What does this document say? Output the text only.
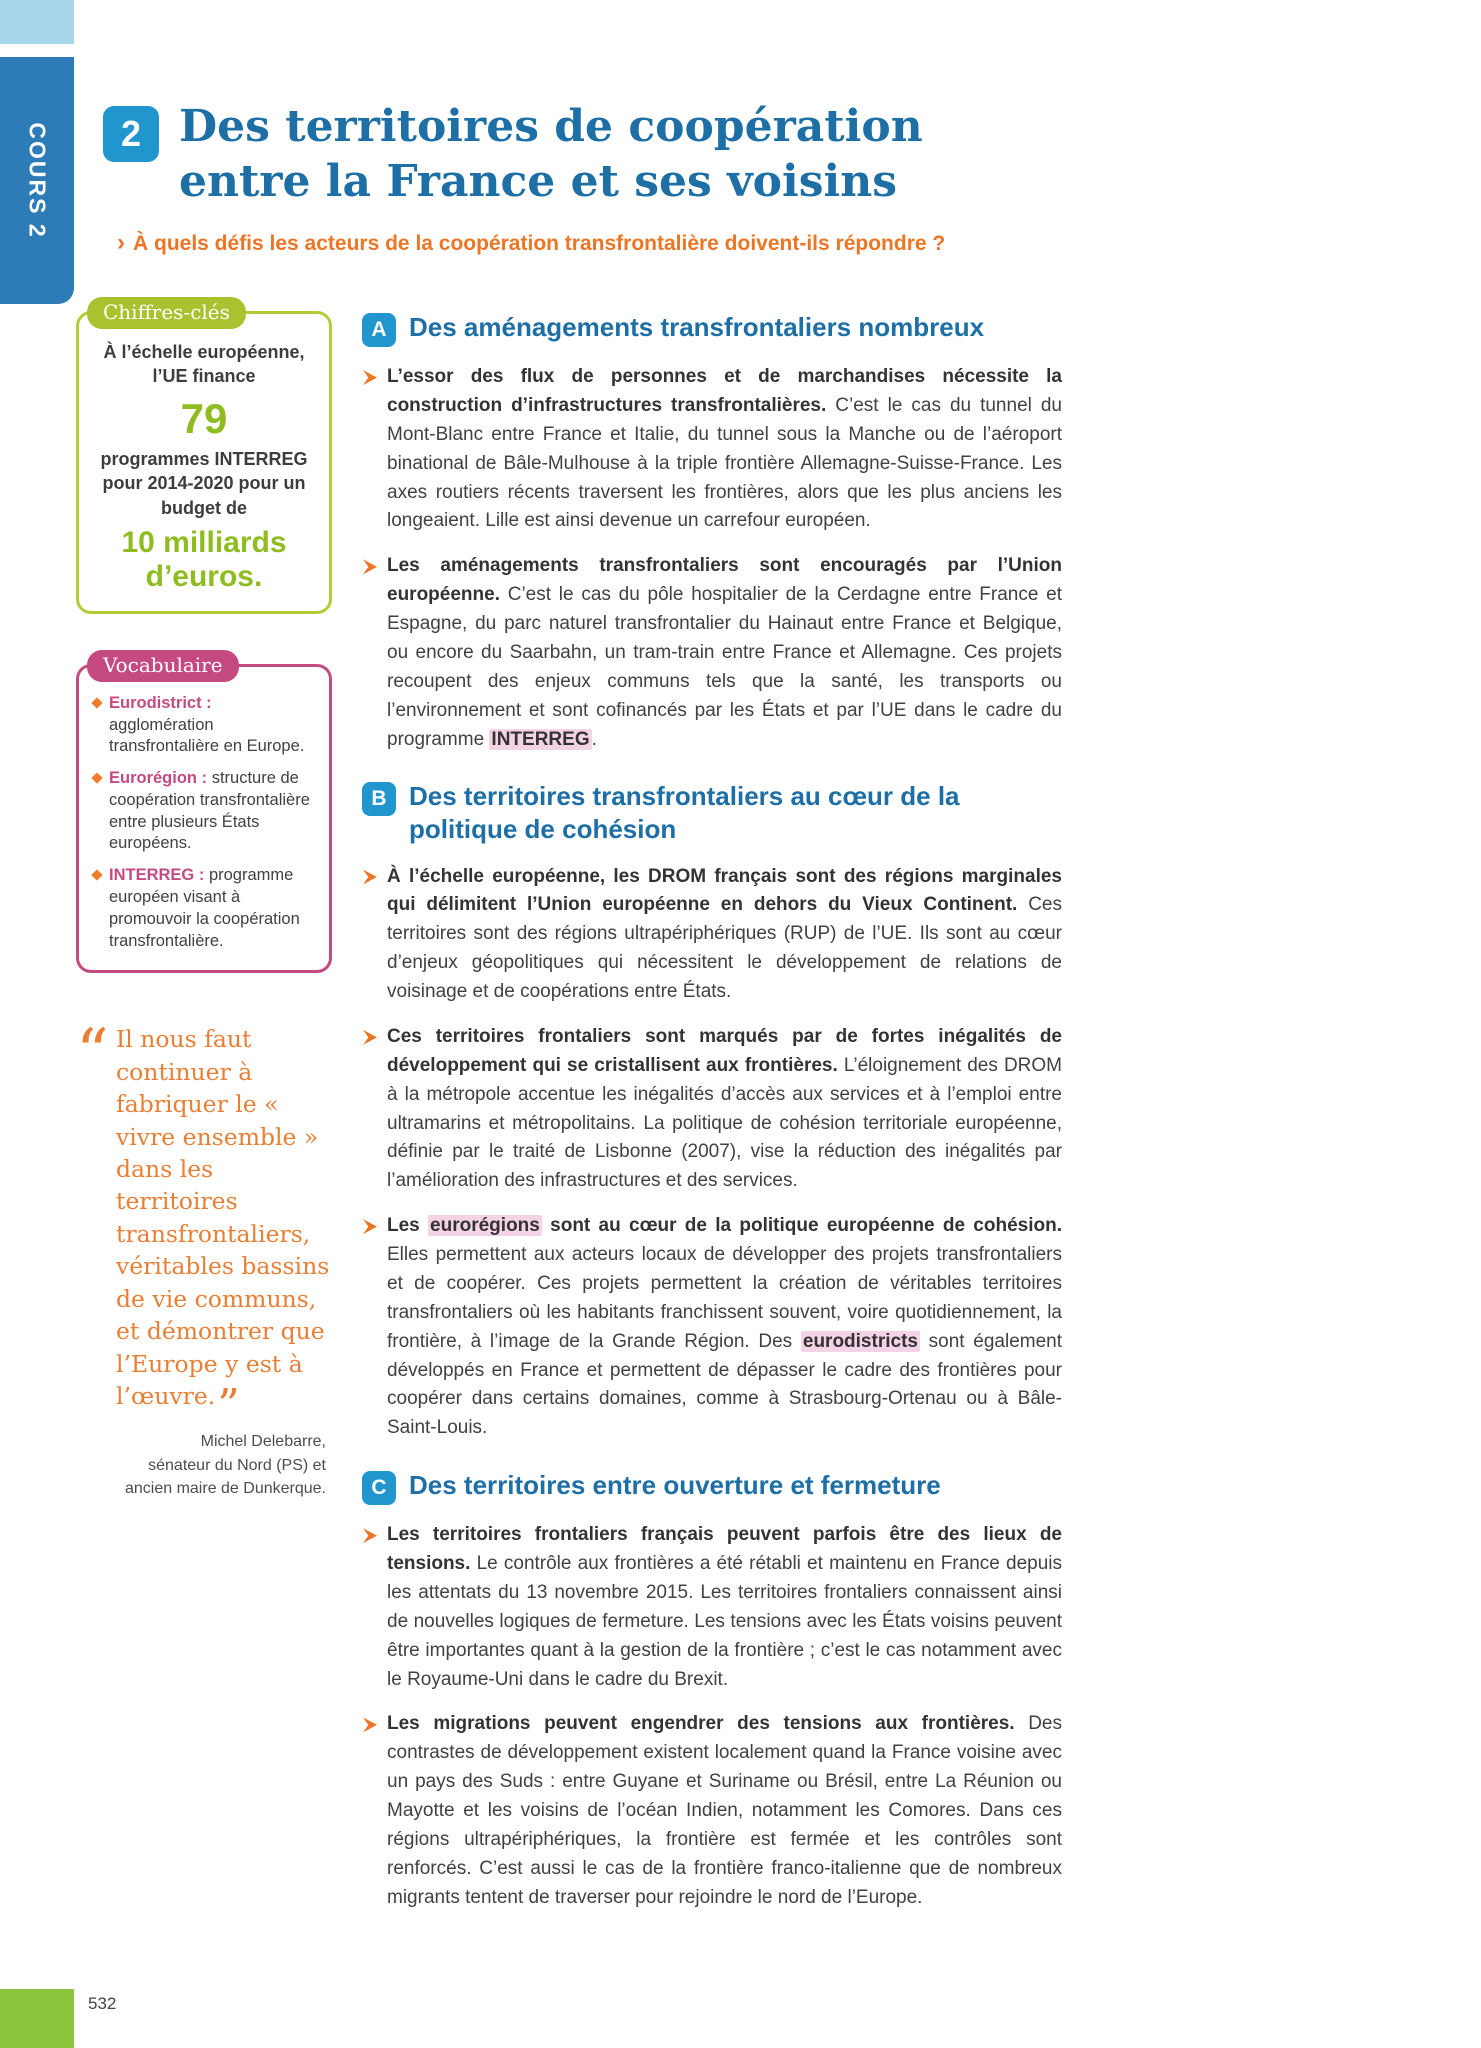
COURS 2
532
2 Des territoires de coopération
entre la France et ses voisins
› À quels défis les acteurs de la coopération transfrontalière doivent-ils répondre ?
Chiffres-clés
À l’échelle européenne, l’UE finance
79
programmes INTERREG pour 2014-2020 pour un budget de
10 milliards d’euros.
Vocabulaire
Eurodistrict : agglomération transfrontalière en Europe.
Eurorégion : structure de coopération transfrontalière entre plusieurs États européens.
INTERREG : programme européen visant à promouvoir la coopération transfrontalière.
Il nous faut continuer à fabriquer le « vivre ensemble » dans les territoires transfrontaliers, véritables bassins de vie communs, et démontrer que l’Europe y est à l’œuvre. ”
Michel Delebarre,
sénateur du Nord (PS) et
ancien maire de Dunkerque.
A Des aménagements transfrontaliers nombreux
L’essor des flux de personnes et de marchandises nécessite la construction d’infrastructures transfrontalières. C’est le cas du tunnel du Mont-Blanc entre France et Italie, du tunnel sous la Manche ou de l’aéroport binational de Bâle-Mulhouse à la triple frontière Allemagne-Suisse-France. Les axes routiers récents traversent les frontières, alors que les plus anciens les longeaient. Lille est ainsi devenue un carrefour européen.
Les aménagements transfrontaliers sont encouragés par l’Union européenne. C’est le cas du pôle hospitalier de la Cerdagne entre France et Espagne, du parc naturel transfrontalier du Hainaut entre France et Belgique, ou encore du Saarbahn, un tram-train entre France et Allemagne. Ces projets recoupent des enjeux communs tels que la santé, les transports ou l’environnement et sont cofinancés par les États et par l’UE dans le cadre du programme INTERREG .
B Des territoires transfrontaliers au cœur de la politique de cohésion
À l’échelle européenne, les DROM français sont des régions marginales qui délimitent l’Union européenne en dehors du Vieux Continent. Ces territoires sont des régions ultrapériphériques (RUP) de l’UE. Ils sont au cœur d’enjeux géopolitiques qui nécessitent le développement de relations de voisinage et de coopérations entre États.
Ces territoires frontaliers sont marqués par de fortes inégalités de développement qui se cristallisent aux frontières. L’éloignement des DROM à la métropole accentue les inégalités d’accès aux services et à l’emploi entre ultramarins et métropolitains. La politique de cohésion territoriale européenne, définie par le traité de Lisbonne (2007), vise la réduction des inégalités par l’amélioration des infrastructures et des services.
Les eurorégions sont au cœur de la politique européenne de cohésion. Elles permettent aux acteurs locaux de développer des projets transfrontaliers et de coopérer. Ces projets permettent la création de véritables territoires transfrontaliers où les habitants franchissent souvent, voire quotidiennement, la frontière, à l’image de la Grande Région. Des eurodistricts sont également développés en France et permettent de dépasser le cadre des frontières pour coopérer dans certains domaines, comme à Strasbourg-Ortenau ou à Bâle-Saint-Louis.
C Des territoires entre ouverture et fermeture
Les territoires frontaliers français peuvent parfois être des lieux de tensions. Le contrôle aux frontières a été rétabli et maintenu en France depuis les attentats du 13 novembre 2015. Les territoires frontaliers connaissent ainsi de nouvelles logiques de fermeture. Les tensions avec les États voisins peuvent être importantes quant à la gestion de la frontière ; c’est le cas notamment avec le Royaume-Uni dans le cadre du Brexit.
Les migrations peuvent engendrer des tensions aux frontières. Des contrastes de développement existent localement quand la France voisine avec un pays des Suds : entre Guyane et Suriname ou Brésil, entre La Réunion ou Mayotte et les voisins de l’océan Indien, notamment les Comores. Dans ces régions ultrapériphériques, la frontière est fermée et les contrôles sont renforcés. C’est aussi le cas de la frontière franco-italienne que de nombreux migrants tentent de traverser pour rejoindre le nord de l’Europe.
